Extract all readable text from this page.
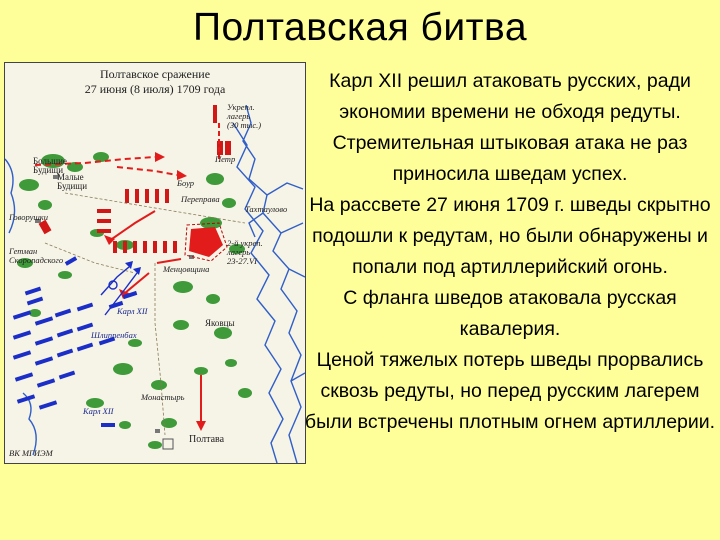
Полтавская битва
Полтавское сражение
27 июня (8 июля) 1709 года
Укрепл.
лагерь
(30 тыс.)
Петр
Боур
Большие
Будищи
Малые
Будищи
Переправа
Тахтаулово
Говорушки
Гетман
Скоропадского
2-й укреп.
лагерь
23-27.VI
Менцовщина
Карл XII
Шлиппенбах
Яковцы
Монастырь
Карл XII
Полтава
ВК МГИЭМ

Карл XII решил атаковать русских, ради экономии времени не обходя редуты.

Стремительная штыковая атака не раз приносила шведам успех.

На рассвете 27 июня 1709 г. шведы скрытно подошли к редутам, но были обнаружены и попали под артиллерийский огонь.

С фланга шведов атаковала русская кавалерия.

Ценой тяжелых потерь шведы прорвались сквозь редуты, но перед русским лагерем были встречены плотным огнем артиллерии.
